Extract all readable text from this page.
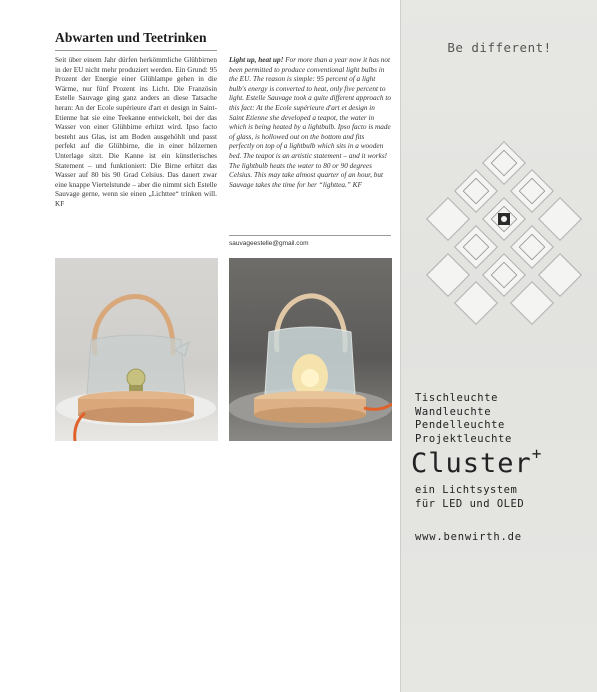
Abwarten und Teetrinken

Seit über einem Jahr dürfen herkömmliche Glühbirnen in der EU nicht mehr produziert werden. Ein Grund: 95 Prozent der Energie einer Glühlampe gehen in die Wärme, nur fünf Prozent ins Licht. Die Französin Estelle Sauvage ging ganz anders an diese Tatsache heran: An der Ecole supérieure d'art et design in Saint-Etienne hat sie eine Teekanne entwickelt, bei der das Wasser von einer Glühbirne erhitzt wird. Ipso facto besteht aus Glas, ist am Boden ausgehöhlt und passt perfekt auf die Glühbirne, die in einer hölzernen Unterlage sitzt. Die Kanne ist ein künstlerisches Statement – und funktioniert: Die Birne erhitzt das Wasser auf 80 bis 90 Grad Celsius. Das dauert zwar eine knappe Viertelstunde – aber die nimmt sich Estelle Sauvage gerne, wenn sie einen „Lichttee“ trinken will. KF

Light up, heat up! For more than a year now it has not been permitted to produce conventional light bulbs in the EU. The reason is simple: 95 percent of a light bulb's energy is converted to heat, only five percent to light. Estelle Sauvage took a quite different approach to this fact: At the Ecole supérieure d'art et design in Saint Etienne she developed a teapot, the water in which is being heated by a lightbulb. Ipso facto is made of glass, is hollowed out on the bottom and fits perfectly on top of a lightbulb which sits in a wooden bed. The teapot is an artistic statement – and it works! The lightbulb heats the water to 80 or 90 degrees Celsius. This may take almost quarter of an hour, but Sauvage takes the time for her “lighttea.” KF

sauvageestelle@gmail.com
Be different!
Tischleuchte
Wandleuchte
Pendelleuchte
Projektleuchte
Cluster+
ein Lichtsystem
für LED und OLED
www.benwirth.de
